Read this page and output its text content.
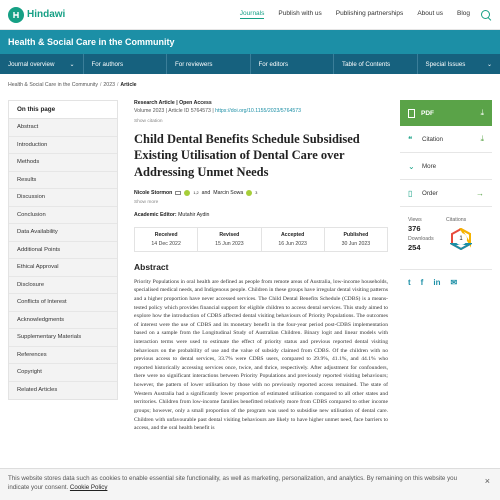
Hindawi	Journals Publish with us Publishing partnerships About us Blog
Health & Social Care in the Community
Journal overview	⌄	For authors	For reviewers	For editors	Table of Contents	Special Issues	⌄
Health & Social Care in the Community / 2023 / Article
On this page
Abstract
Introduction
Methods
Results
Discussion
Conclusion
Data Availability
Additional Points
Ethical Approval
Disclosure
Conflicts of Interest
Acknowledgments
Supplementary Materials
References
Copyright
Related Articles
Research Article | Open Access
Volume 2023 | Article ID 5764573 | https://doi.org/10.1155/2023/5764573
Show citation
Child Dental Benefits Schedule Subsidised Existing Utilisation of Dental Care over Addressing Unmet Needs
Nicole Stormon	1,2 and Marcin Sowa	3
Show more
Academic Editor: Mutahir Aydin
Received
14 Dec 2022
Revised
15 Jun 2023
Accepted
16 Jun 2023
Published
30 Jun 2023
Abstract
Priority Populations in oral health are defined as people from remote areas of Australia, low-income households, specialised medical needs, and Indigenous people. Children in these groups have irregular dental visiting patterns and a higher proportion have never accessed services. The Child Dental Benefits Schedule (CDBS) is a means-tested policy which provides financial support for eligible children to access dental services. This study aimed to explore how the introduction of CDBS affected dental visiting behaviours of Priority Populations. The outcomes of interest were the use of CDBS and its monetary benefit in the four-year period post-CDBS implementation based on a sample from the Longitudinal Study of Australian Children. Binary logit and linear models with interaction terms were used to estimate the effect of priority status and previous reported dental visiting behaviours on the probability of use and the value of subsidy claimed from CDBS. Of the children with no previous access to dental services, 33.7% were CDBS users, compared to 29.9%, 41.1%, and 44.1% who reported historically accessing services once, twice, and thrice, respectively. After adjustment for confounders, there were no significant interactions between Priority Populations and previously reported visiting behaviours; however, the pattern of lower utilisation by those with no previously reported access remained. The state of Western Australia had a significantly lower proportion of estimated utilisation compared to all other states and territories. Children from low-income families benefitted relatively more from CDBS compared to other income groups; however, only a small proportion of the program was used to subsidise new utilisation of dental care. Children with unfavourable past dental visiting behaviours are likely to have higher unmet need, face barriers to access, and the oral health benefit is
PDF	⤓
❝	Citation	⤓
⌄	More
▯	Order	→
Views
376
Downloads
254
Citations
1
t f in ✉
This website stores data such as cookies to enable essential site functionality, as well as marketing, personalization, and analytics. By remaining on this website you indicate your consent. Cookie Policy
×
